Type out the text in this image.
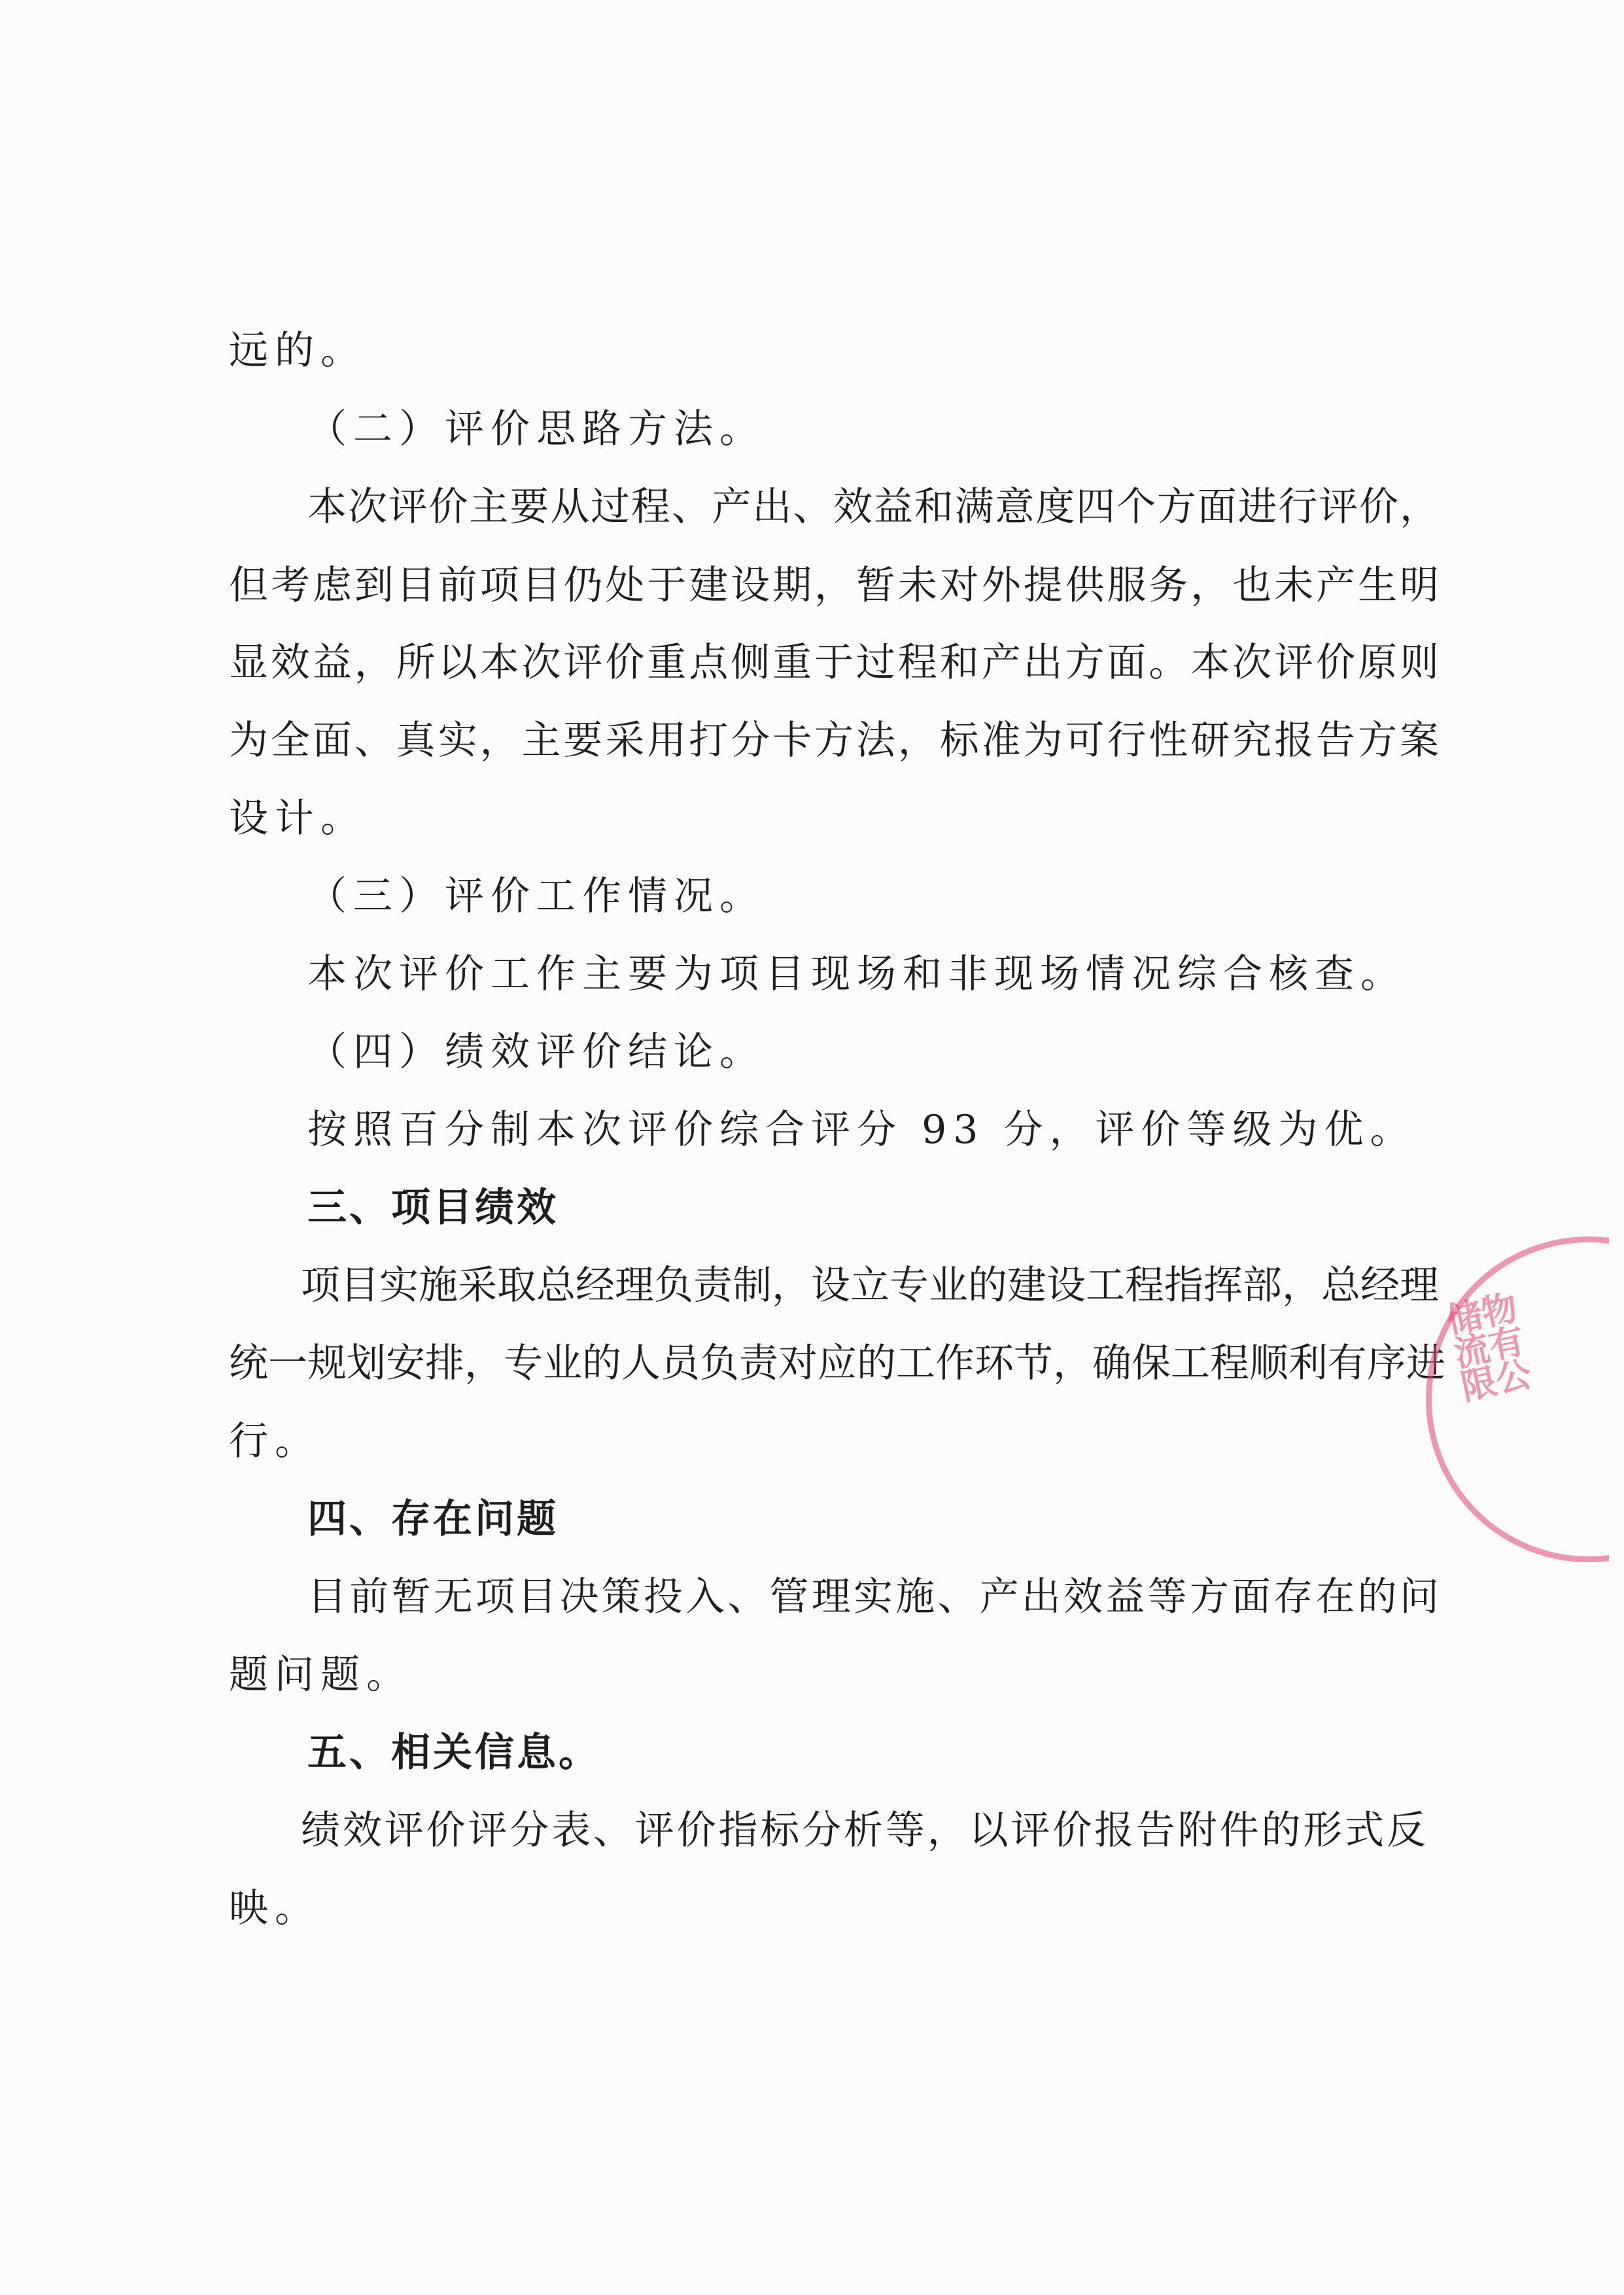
远的。
（二）评价思路方法。
本次评价主要从过程、产出、效益和满意度四个方面进行评价，
但考虑到目前项目仍处于建设期，暂未对外提供服务，也未产生明
显效益，所以本次评价重点侧重于过程和产出方面。本次评价原则
为全面、真实，主要采用打分卡方法，标准为可行性研究报告方案
设计。
（三）评价工作情况。
本次评价工作主要为项目现场和非现场情况综合核查。
（四）绩效评价结论。
按照百分制本次评价综合评分 93 分，评价等级为优。
三、项目绩效
项目实施采取总经理负责制，设立专业的建设工程指挥部，总经理
统一规划安排，专业的人员负责对应的工作环节，确保工程顺利有序进
行。
四、存在问题
目前暂无项目决策投入、管理实施、产出效益等方面存在的问
题问题。
五、相关信息。
绩效评价评分表、评价指标分析等，以评价报告附件的形式反
映。
储物流有限公
